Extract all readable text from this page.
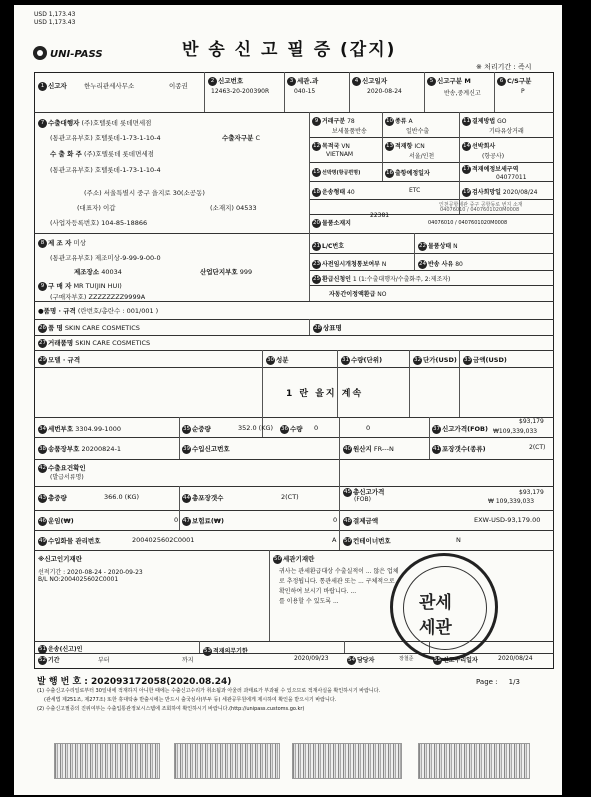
USD 1,173.43
USD 1,173.43
UNI-PASS	반 송 신 고 필 증 (갑지)
※ 처리기간 : 즉시
1 신고자	한누리관세사무소	이종권
2 신고번호
12463-20-200390R
3 세관.과
040-15
4 신고일자
2020-08-24
5 신고구분 M
반송,중계신고
6 C/S구분
P
7 수출대행자 (주)호텔롯데 롯데면세점
(통관고유부호) 호텔롯데-1-73-1-10-4	수출자구분 C
수 출 화 주 (주)호텔롯데 롯데면세점
(통관고유부호) 호텔롯데-1-73-1-10-4
(주소) 서울특별시 중구 을지로 30(소공동)
(대표자) 이갑	(소재지) 04533
(사업자등록번호) 104-85-18866
9 거래구분 78
보세물품반송
10 종류 A
일반수출
11 결제방법 GO
기타유상거래
12 목적국 VN
VIETNAM
13 적재항 ICN
서울/인천
14 선박회사
(항공사)
15 선박명(항공편명)	16 출항예정일자
17 적재예정보세구역
04077011
18 운송형태 40	ETC	19 검사희망일 2020/08/24
인천공항세관 중구 공항동로 번지 소재
04076010 / 0407601020M0008
20 물품소재지
22381
04076010 / 0407601020M0008
8 제 조 자 미상
(통관고유부호) 제조미상-9-99-9-00-0
제조장소 40034	산업단지부호 999
9 구 매 자 MR TU(JIN HUI)
(구매자부호) ZZZZZZZZ9999A
21 L/C번호	22 물품상태 N
23 사전임시개청통보여부 N	24 반송 사유 80
25 환급신청인 1 (1:수출대행자/수출화주, 2:제조자)
자동간이정액환급 NO
●품명 · 규격 (란번호/총란수 : 001/001 )
26 품 명 SKIN CARE COSMETICS	28 상표명
27 거래품명 SKIN CARE COSMETICS
29 모델 · 규격	30 성분	31 수량(단위)	32 단가(USD) 33 금액(USD)
1 란 을지 계속
34 세번부호 3304.99-1000	35 순중량	352.0 (KG) 36 수량 0	0	37 신고가격(FOB)
$93,179
₩109,339,033
38 송품장부호 20200824-1	39 수입신고번호	40 원산지 FR---N	41 포장갯수(종류)	2(CT)
42 수출요건확인
(발급서류명)
43 총중량	366.0 (KG)	44 총포장갯수	2(CT)
45 총신고가격
(FOB)
$93,179
₩ 109,339,033
46 운임(₩)	0 47 보험료(₩)	0 48 결제금액	EXW-USD-93,179.00
49 수입화물 관리번호	2004025602C0001	A 50 컨테이너번호	N
※신고인기재란
선적기간 : 2020-08-24 - 2020-09-23
B/L NO:2004025602C0001
50 세관기재란
귀사는 관세환급대상 수출실적이 ... 않은 업체
로 추정됩니다. 통관세관 또는 ... 구체적으로
확인하여 보시기 바랍니다. ...
를 이용할 수 있도록 ...	관세
세관
51 운송(신고)인
52 기간	부터	까지
53 적재의무기한
2020/09/23	54 담당자	장철준	55 신고수리일자	2020/08/24
발 행 번 호 : 202093172058(2020.08.24)	Page : 1/3
(1) 수출신고수리일로부터 30일내에 적재하지 아니한 때에는 수출신고수리가 취소됨과 아울러 과태료가 부과될 수 있으므로 적재사실을 확인하시기 바랍니다.
(관세법 제251조, 제277조) 또한 휴대탁송 반출시에는 반드시 출국심사(부두 등) 세관공무원에게 제시하여 확인을 받으시기 바랍니다.
(2) 수출신고필증의 진위여부는 수출입통관정보시스템에 조회하여 확인하시기 바랍니다.(http://unipass.customs.go.kr)
